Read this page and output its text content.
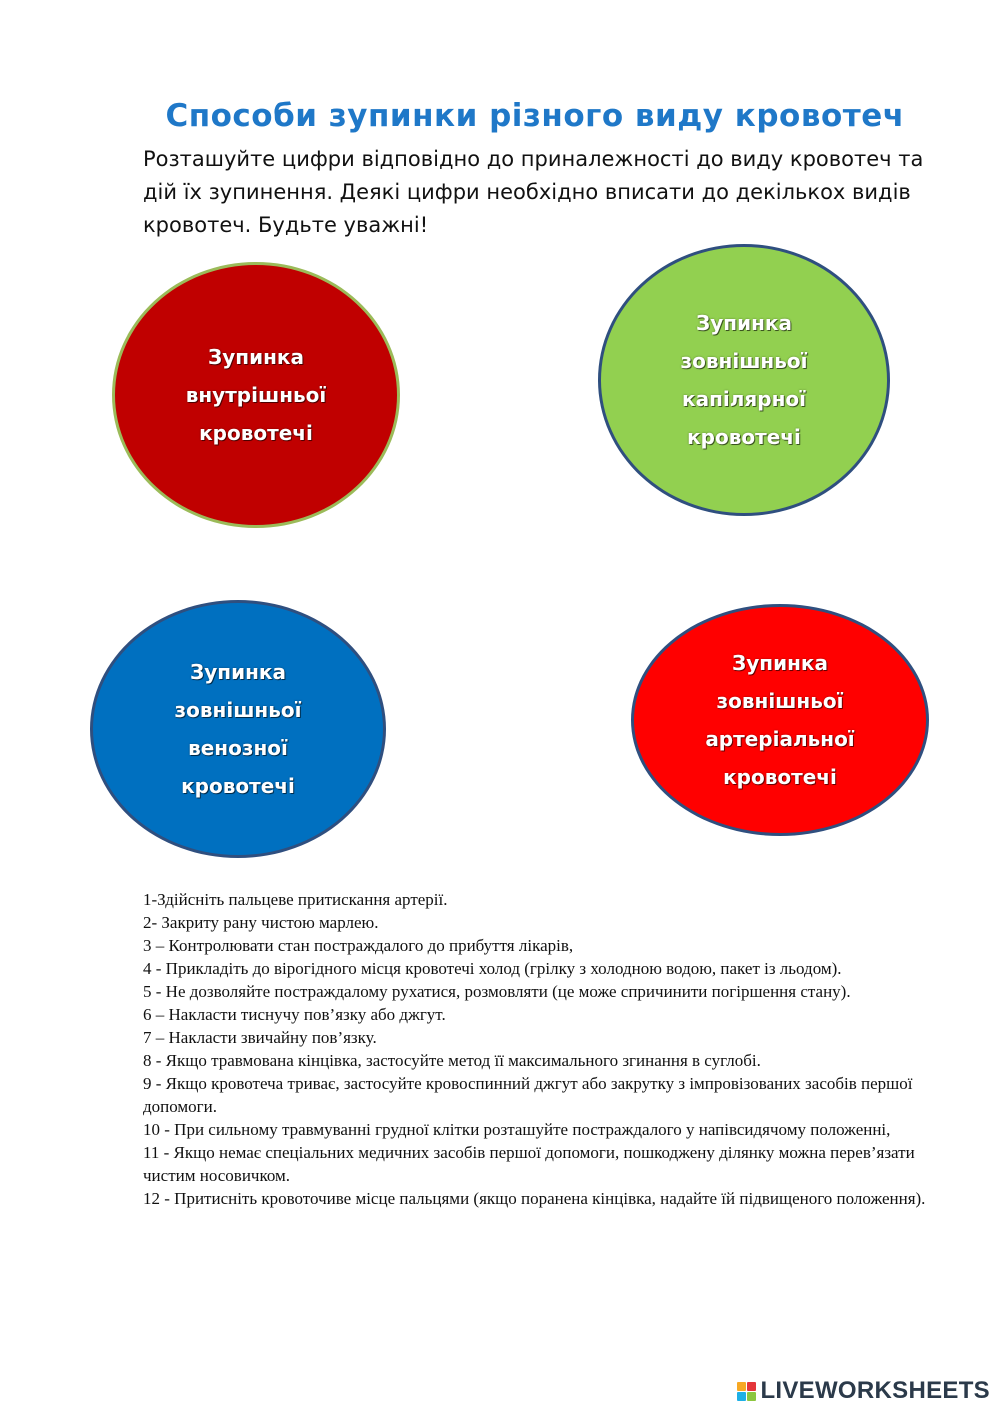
Способи зупинки різного виду кровотеч

Розташуйте цифри відповідно до приналежності до виду кровотеч та дій їх зупинення. Деякі цифри необхідно вписати до декількох видів кровотеч. Будьте уважні!

Зупинка
внутрішньої
кровотечі
Зупинка
зовнішньої
капілярної
кровотечі
Зупинка
зовнішньої
венозної
кровотечі
Зупинка
зовнішньої
артеріальної
кровотечі
1-Здійсніть пальцеве притискання артерії.
2- Закриту рану чистою марлею.
3 – Контролювати стан постраждалого до прибуття лікарів,
4 - Прикладіть до вірогідного місця кровотечі холод (грілку з холодною водою, пакет із льодом).
5 - Не дозволяйте постраждалому рухатися, розмовляти (це може спричинити погіршення стану).
6 – Накласти тиснучу пов’язку або джгут.
7 – Накласти звичайну пов’язку.
8 - Якщо травмована кінцівка, застосуйте метод її максимального згинання в суглобі.
9 - Якщо кровотеча триває, застосуйте кровоспинний джгут або закрутку з імпровізованих засобів першої допомоги.
10 - При сильному травмуванні грудної клітки розташуйте постраждалого у напівсидячому положенні,
11 - Якщо немає спеціальних медичних засобів першої допомоги, пошкоджену ділянку можна перев’язати чистим носовичком.
12 - Притисніть кровоточиве місце пальцями (якщо поранена кінцівка, надайте їй підвищеного положення).
LIVEWORKSHEETS
